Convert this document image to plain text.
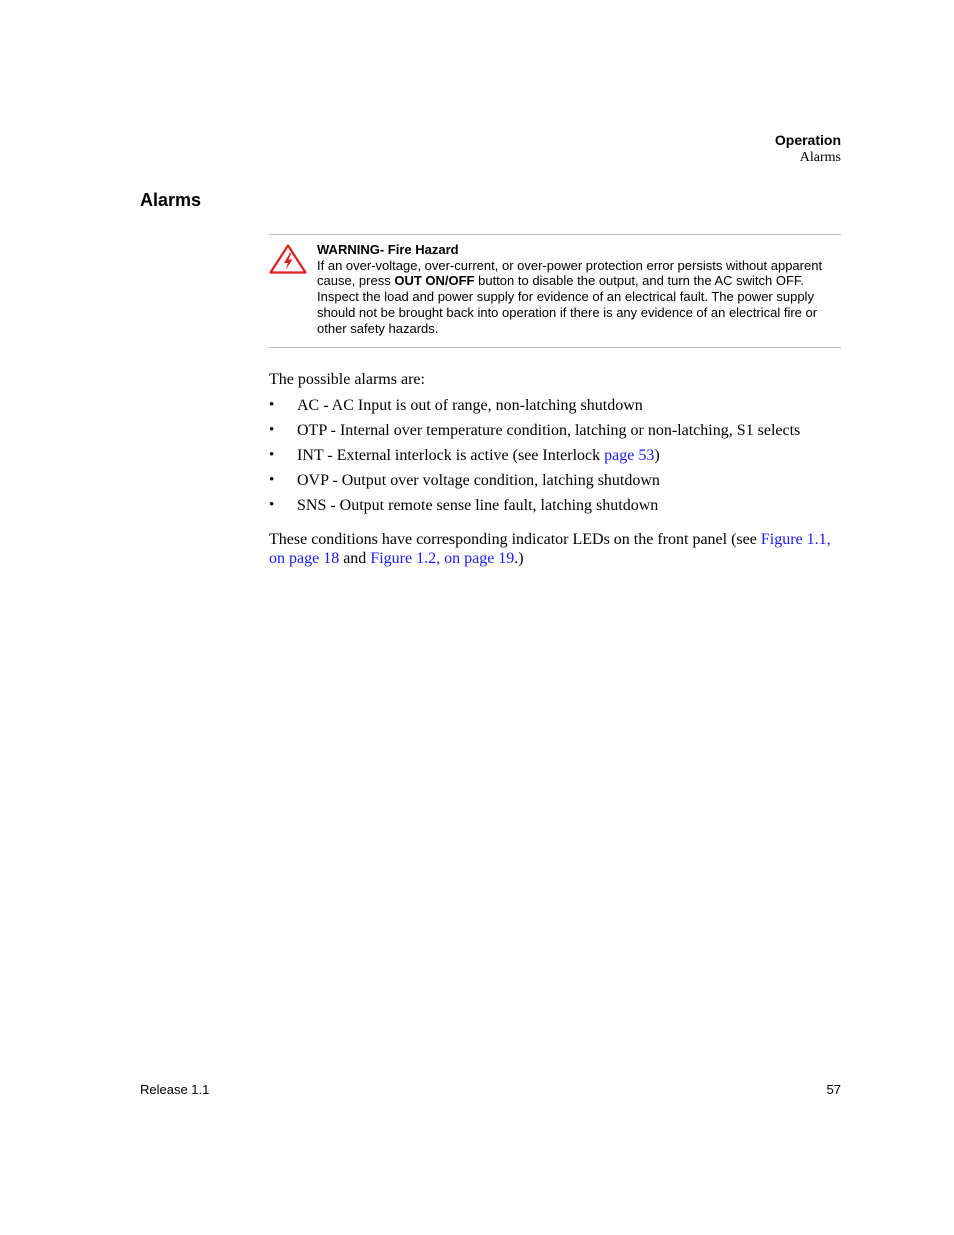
Operation
Alarms
Alarms
WARNING- Fire Hazard
If an over-voltage, over-current, or over-power protection error persists without apparent cause, press OUT ON/OFF button to disable the output, and turn the AC switch OFF. Inspect the load and power supply for evidence of an electrical fault. The power supply should not be brought back into operation if there is any evidence of an electrical fire or other safety hazards.
The possible alarms are:
• AC - AC Input is out of range, non-latching shutdown
• OTP - Internal over temperature condition, latching or non-latching, S1 selects
• INT - External interlock is active (see Interlock page 53)
• OVP - Output over voltage condition, latching shutdown
• SNS - Output remote sense line fault, latching shutdown
These conditions have corresponding indicator LEDs on the front panel (see Figure 1.1, on page 18 and Figure 1.2, on page 19.)
Release 1.1	57
